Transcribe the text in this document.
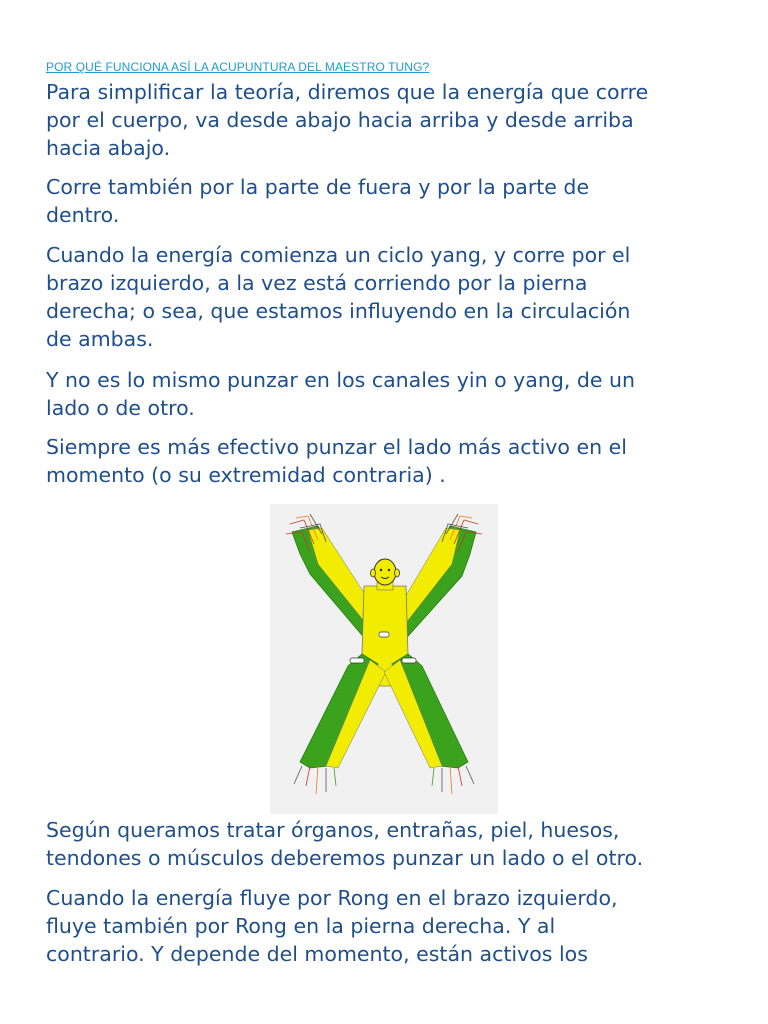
POR QUÉ FUNCIONA ASÍ LA ACUPUNTURA DEL MAESTRO TUNG?

Para simplificar la teoría, diremos que la energía que corre
por el cuerpo, va desde abajo hacia arriba y desde arriba
hacia abajo.

Corre también por la parte de fuera y por la parte de
dentro.

Cuando la energía comienza un ciclo yang, y corre por el
brazo izquierdo, a la vez está corriendo por la pierna
derecha; o sea, que estamos influyendo en la circulación
de ambas.

Y no es lo mismo punzar en los canales yin o yang, de un
lado o de otro.

Siempre es más efectivo punzar el lado más activo en el
momento (o su extremidad contraria) .

Según queramos tratar órganos, entrañas, piel, huesos,
tendones o músculos deberemos punzar un lado o el otro.

Cuando la energía fluye por Rong en el brazo izquierdo,
fluye también por Rong en la pierna derecha. Y al
contrario. Y depende del momento, están activos los
